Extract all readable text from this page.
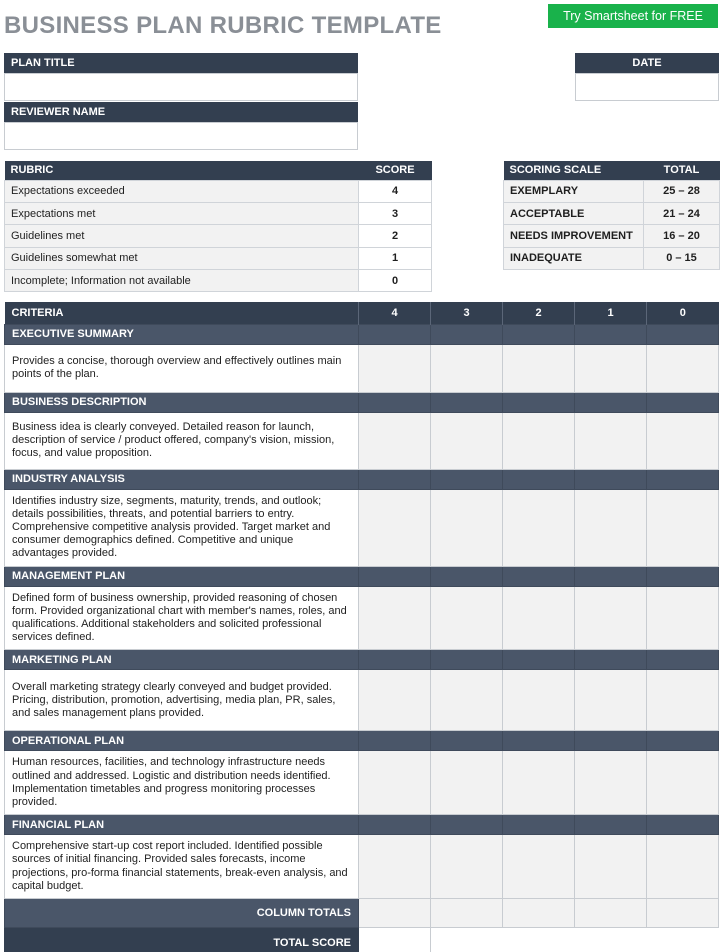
BUSINESS PLAN RUBRIC TEMPLATE	Try Smartsheet for FREE
PLAN TITLE
REVIEWER NAME
DATE
RUBRIC	SCORE
Expectations exceeded	4
Expectations met	3
Guidelines met	2
Guidelines somewhat met	1
Incomplete; Information not available	0
SCORING SCALE	TOTAL
EXEMPLARY	25 – 28
ACCEPTABLE	21 – 24
NEEDS IMPROVEMENT	16 – 20
INADEQUATE	0 – 15
CRITERIA	4	3	2	1	0
EXECUTIVE SUMMARY					
Provides a concise, thorough overview and effectively outlines main points of the plan.					
BUSINESS DESCRIPTION					
Business idea is clearly conveyed. Detailed reason for launch, description of service / product offered, company's vision, mission, focus, and value proposition.					
INDUSTRY ANALYSIS					
Identifies industry size, segments, maturity, trends, and outlook; details possibilities, threats, and potential barriers to entry. Comprehensive competitive analysis provided. Target market and consumer demographics defined. Competitive and unique advantages provided.					
MANAGEMENT PLAN					
Defined form of business ownership, provided reasoning of chosen form. Provided organizational chart with member's names, roles, and qualifications. Additional stakeholders and solicited professional services defined.					
MARKETING PLAN					
Overall marketing strategy clearly conveyed and budget provided. Pricing, distribution, promotion, advertising, media plan, PR, sales, and sales management plans provided.					
OPERATIONAL PLAN					
Human resources, facilities, and technology infrastructure needs outlined and addressed. Logistic and distribution needs identified. Implementation timetables and progress monitoring processes provided.					
FINANCIAL PLAN					
Comprehensive start-up cost report included. Identified possible sources of initial financing. Provided sales forecasts, income projections, pro-forma financial statements, break-even analysis, and capital budget.					
COLUMN TOTALS					
TOTAL SCORE					
